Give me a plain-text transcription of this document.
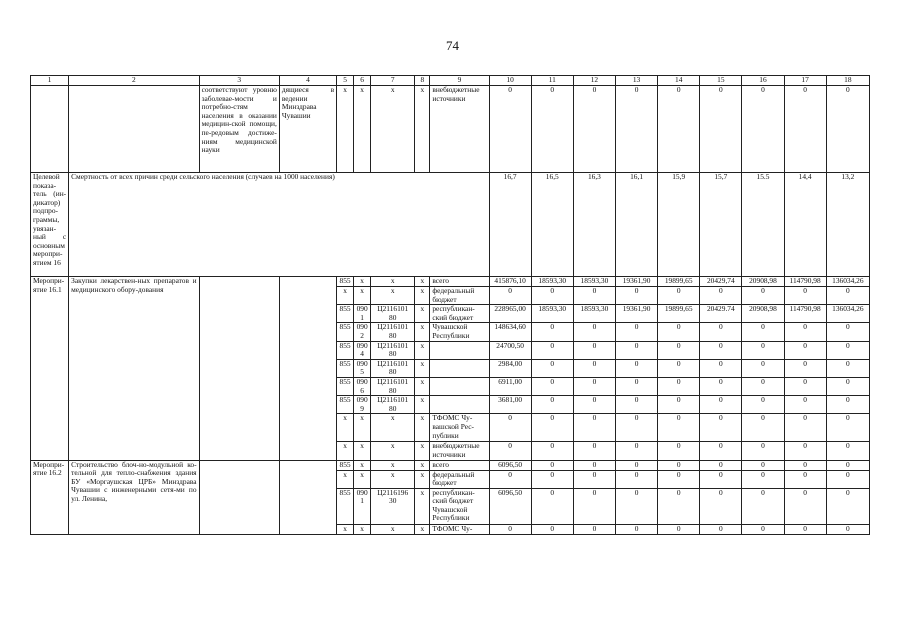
74
1	2	3	4	5	6	7	8	9	10	11	12	13	14	15	16	17	18
		соответствуют уровню заболевае-мости и потребно-стям населения в оказании медицин-ской помощи, пе-редовым достиже-ниям медицинской науки	дящиеся в ведении Минздрава Чувашии	x	x	x	x	внебюджетные источники	0	0	0	0	0	0	0	0	0
Целевой показа-тель (ин-дикатор) подпро-граммы, увязан-ный с основным меропри-ятием 16	Смертность от всех причин среди сельского населения (случаев на 1000 населения)								16,7	16,5	16,3	16,1	15,9	15,7	15.5	14,4	13,2
Меропри-ятие 16.1	Закупки лекарствен-ных препаратов и медицинского обору-дования			855	x	x	x	всего	415876,10	18593,30	18593,30	19361,90	19899,65	20429,74	20908,98	114790,98	136034,26
				x	x	x	x	федеральный бюджет	0	0	0	0	0	0	0	0	0
				855	0901	Ц2116101 80	x	республикан-ский бюджет	228965,00	18593,30	18593,30	19361,90	19899,65	20429.74	20908,98	114790,98	136034,26
				855	0902	Ц2116101 80	x	Чувашской Республики	148634,60	0	0	0	0	0	0	0	0
				855	0904	Ц2116101 80	x		24700,50	0	0	0	0	0	0	0	0
				855	0905	Ц2116101 80	x		2984,00	0	0	0	0	0	0	0	0
				855	0906	Ц2116101 80	x		6911,00	0	0	0	0	0	0	0	0
				855	0909	Ц2116101 80	x		3681,00	0	0	0	0	0	0	0	0
				x	x	x	x	ТФОМС Чу-вашской Рес-публики	0	0	0	0	0	0	0	0	0
				x	x	x	x	внебюджетные источники	0	0	0	0	0	0	0	0	0
Меропри-ятие 16.2	Строительство блоч-но-модульной ко-тельной для тепло-снабжения здания БУ «Моргаушская ЦРБ» Минздрава Чувашии с инженерными сетя-ми по ул. Ленина,			855	x	x	x	всего	6096,50	0	0	0	0	0	0	0	0
				x	x	x	x	федеральный бюджет	0	0	0	0	0	0	0	0	0
				855	0901	Ц2116196 30	x	республикан-ский бюджет Чувашской Республики	6096,50	0	0	0	0	0	0	0	0
				x	x	x	x	ТФОМС Чу-	0	0	0	0	0	0	0	0	0
